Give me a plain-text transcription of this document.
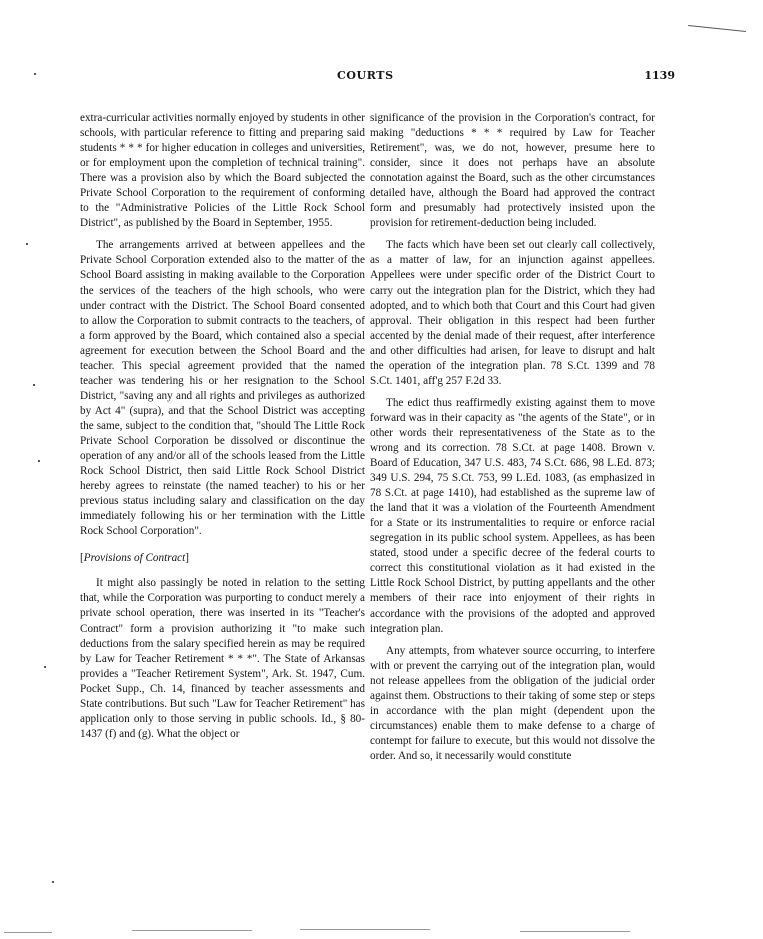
COURTS	1139

extra-curricular activities normally enjoyed by students in other schools, with particular reference to fitting and preparing said students * * * for higher education in colleges and universities, or for employment upon the completion of technical training". There was a provision also by which the Board subjected the Private School Corporation to the requirement of conforming to the "Administrative Policies of the Little Rock School District", as published by the Board in September, 1955.

The arrangements arrived at between appellees and the Private School Corporation extended also to the matter of the School Board assisting in making available to the Corporation the services of the teachers of the high schools, who were under contract with the District. The School Board consented to allow the Corporation to submit contracts to the teachers, of a form approved by the Board, which contained also a special agreement for execution between the School Board and the teacher. This special agreement provided that the named teacher was tendering his or her resignation to the School District, "saving any and all rights and privileges as authorized by Act 4" (supra), and that the School District was accepting the same, subject to the condition that, "should The Little Rock Private School Corporation be dissolved or discontinue the operation of any and/or all of the schools leased from the Little Rock School District, then said Little Rock School District hereby agrees to reinstate (the named teacher) to his or her previous status including salary and classification on the day immediately following his or her termination with the Little Rock School Corporation".

[Provisions of Contract]

It might also passingly be noted in relation to the setting that, while the Corporation was purporting to conduct merely a private school operation, there was inserted in its "Teacher's Contract" form a provision authorizing it "to make such deductions from the salary specified herein as may be required by Law for Teacher Retirement * * *". The State of Arkansas provides a "Teacher Retirement System", Ark. St. 1947, Cum. Pocket Supp., Ch. 14, financed by teacher assessments and State contributions. But such "Law for Teacher Retirement" has application only to those serving in public schools. Id., § 80-1437 (f) and (g). What the object or

significance of the provision in the Corporation's contract, for making "deductions * * * required by Law for Teacher Retirement", was, we do not, however, presume here to consider, since it does not perhaps have an absolute connotation against the Board, such as the other circumstances detailed have, although the Board had approved the contract form and presumably had protectively insisted upon the provision for retirement-deduction being included.

The facts which have been set out clearly call collectively, as a matter of law, for an injunction against appellees. Appellees were under specific order of the District Court to carry out the integration plan for the District, which they had adopted, and to which both that Court and this Court had given approval. Their obligation in this respect had been further accented by the denial made of their request, after interference and other difficulties had arisen, for leave to disrupt and halt the operation of the integration plan. 78 S.Ct. 1399 and 78 S.Ct. 1401, aff'g 257 F.2d 33.

The edict thus reaffirmedly existing against them to move forward was in their capacity as "the agents of the State", or in other words their representativeness of the State as to the wrong and its correction. 78 S.Ct. at page 1408. Brown v. Board of Education, 347 U.S. 483, 74 S.Ct. 686, 98 L.Ed. 873; 349 U.S. 294, 75 S.Ct. 753, 99 L.Ed. 1083, (as emphasized in 78 S.Ct. at page 1410), had established as the supreme law of the land that it was a violation of the Fourteenth Amendment for a State or its instrumentalities to require or enforce racial segregation in its public school system. Appellees, as has been stated, stood under a specific decree of the federal courts to correct this constitutional violation as it had existed in the Little Rock School District, by putting appellants and the other members of their race into enjoyment of their rights in accordance with the provisions of the adopted and approved integration plan.

Any attempts, from whatever source occurring, to interfere with or prevent the carrying out of the integration plan, would not release appellees from the obligation of the judicial order against them. Obstructions to their taking of some step or steps in accordance with the plan might (dependent upon the circumstances) enable them to make defense to a charge of contempt for failure to execute, but this would not dissolve the order. And so, it necessarily would constitute
